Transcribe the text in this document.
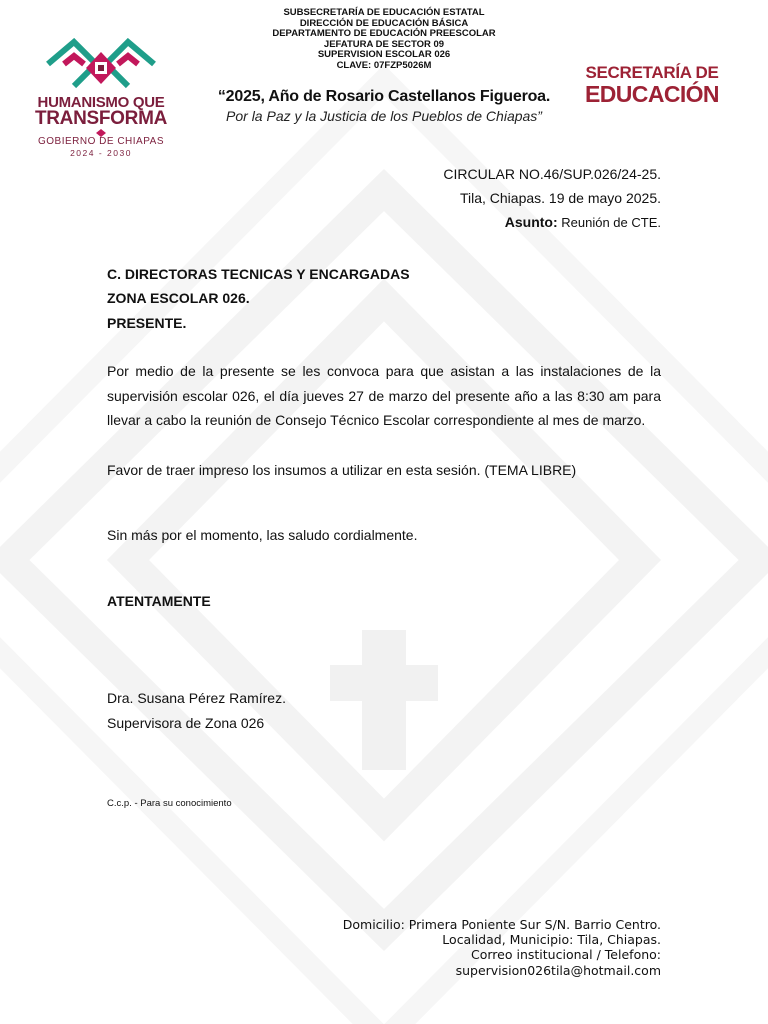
SUBSECRETARÍA DE EDUCACIÓN ESTATAL
DIRECCIÓN DE EDUCACIÓN BÁSICA
DEPARTAMENTO DE EDUCACIÓN PREESCOLAR
JEFATURA DE SECTOR 09
SUPERVISION ESCOLAR 026
CLAVE: 07FZP5026M
HUMANISMO QUE
TRANSFORMA
GOBIERNO DE CHIAPAS
2024 - 2030
“2025, Año de Rosario Castellanos Figueroa.
Por la Paz y la Justicia de los Pueblos de Chiapas”
SECRETARÍA DE
EDUCACIÓN
CIRCULAR NO.46/SUP.026/24-25.
Tila, Chiapas. 19 de mayo 2025.
Asunto: Reunión de CTE.
C. DIRECTORAS TECNICAS Y ENCARGADAS
ZONA ESCOLAR 026.
PRESENTE.
Por medio de la presente se les convoca para que asistan a las instalaciones de la supervisión escolar 026, el día jueves 27 de marzo del presente año a las 8:30 am para llevar a cabo la reunión de Consejo Técnico Escolar correspondiente al mes de marzo.
Favor de traer impreso los insumos a utilizar en esta sesión. (TEMA LIBRE)
Sin más por el momento, las saludo cordialmente.
ATENTAMENTE
Dra. Susana Pérez Ramírez.
Supervisora de Zona 026
C.c.p. - Para su conocimiento
Domicilio: Primera Poniente Sur S/N. Barrio Centro.
Localidad, Municipio: Tila, Chiapas.
Correo institucional / Telefono:
supervision026tila@hotmail.com
